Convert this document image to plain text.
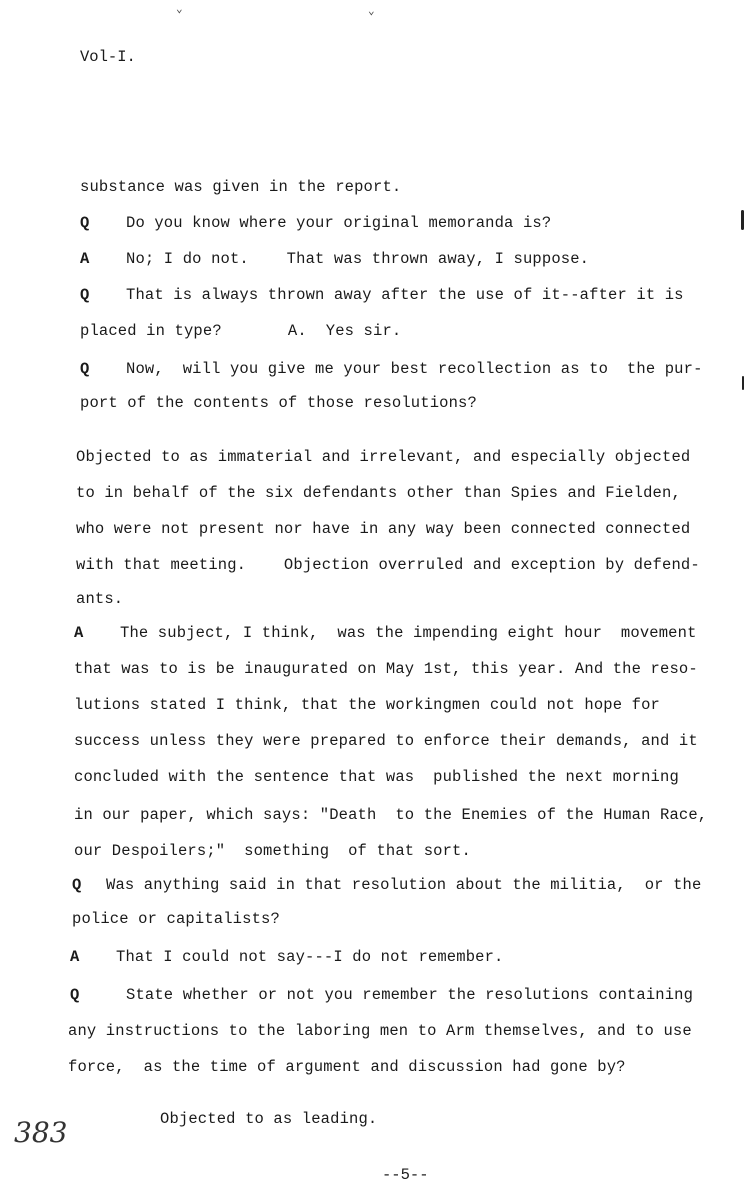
Vol-I.
substance was given in the report.
Q Do you know where your original memoranda is?
A No; I do not.    That was thrown away, I suppose.
Q That is always thrown away after the use of it--after it is
placed in type?       A.  Yes sir.
Q Now,  will you give me your best recollection as to  the pur-
port of the contents of those resolutions?
Objected to as immaterial and irrelevant, and especially objected
to in behalf of the six defendants other than Spies and Fielden,
who were not present nor have in any way been connected connected
with that meeting.    Objection overruled and exception by defend-
ants.
A The subject, I think,  was the impending eight hour  movement
that was to is be inaugurated on May 1st, this year. And the reso-
lutions stated I think, that the workingmen could not hope for
success unless they were prepared to enforce their demands, and it
concluded with the sentence that was  published the next morning
in our paper, which says: "Death  to the Enemies of the Human Race,
our Despoilers;"  something  of that sort.
Q Was anything said in that resolution about the militia,  or the
police or capitalists?
A That I could not say---I do not remember.
Q	State whether or not you remember the resolutions containing
any instructions to the laboring men to Arm themselves, and to use
force,  as the time of argument and discussion had gone by?
Objected to as leading.
383
--5--
⌄	⌄
